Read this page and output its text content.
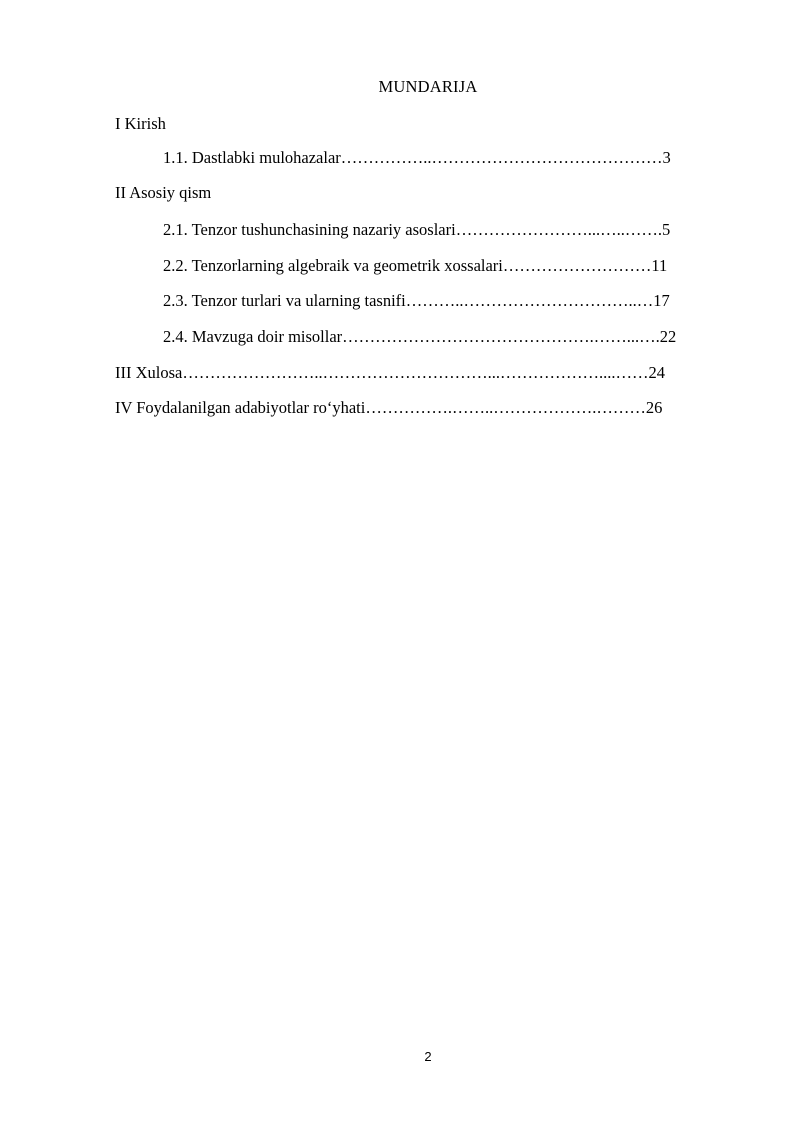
MUNDARIJA
I Kirish
1.1. Dastlabki mulohazalar……………..……………………………………3
II Asosiy qism
2.1. Tenzor tushunchasining nazariy asoslari……………………...…..…….5
2.2. Tenzorlarning algebraik va geometrik xossalari………………………11
2.3. Tenzor turlari va ularning tasnifi………..…………………………..…17
2.4. Mavzuga doir misollar……………………………………….……...….22
III Xulosa……………………..…………………………...………………....……24
IV Foydalanilgan adabiyotlar ro‘yhati…………….……..……………….………26
2
